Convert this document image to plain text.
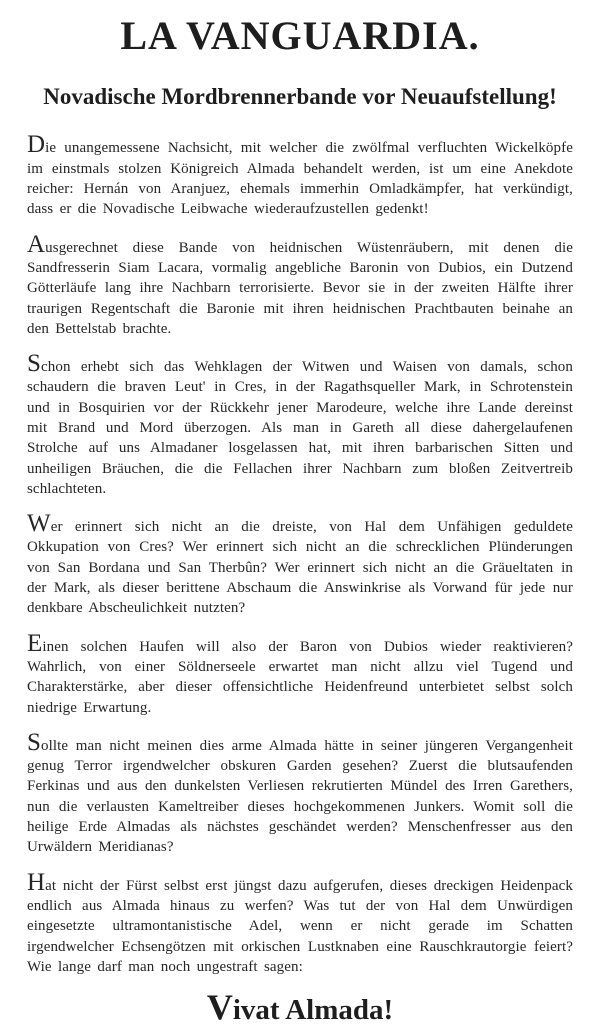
LA VANGUARDIA.
Novadische Mordbrennerbande vor Neuaufstellung!

Die unangemessene Nachsicht, mit welcher die zwölfmal verfluchten Wickelköpfe im einstmals stolzen Königreich Almada behandelt werden, ist um eine Anekdote reicher: Hernán von Aranjuez, ehemals immerhin Omladkämpfer, hat verkündigt, dass er die Novadische Leibwache wiederaufzustellen gedenkt!

Ausgerechnet diese Bande von heidnischen Wüstenräubern, mit denen die Sandfresserin Siam Lacara, vormalig angebliche Baronin von Dubios, ein Dutzend Götterläufe lang ihre Nachbarn terrorisierte. Bevor sie in der zweiten Hälfte ihrer traurigen Regentschaft die Baronie mit ihren heidnischen Prachtbauten beinahe an den Bettelstab brachte.

Schon erhebt sich das Wehklagen der Witwen und Waisen von damals, schon schaudern die braven Leut' in Cres, in der Ragathsqueller Mark, in Schrotenstein und in Bosquirien vor der Rückkehr jener Marodeure, welche ihre Lande dereinst mit Brand und Mord überzogen. Als man in Gareth all diese dahergelaufenen Strolche auf uns Almadaner losgelassen hat, mit ihren barbarischen Sitten und unheiligen Bräuchen, die die Fellachen ihrer Nachbarn zum bloßen Zeitvertreib schlachteten.

Wer erinnert sich nicht an die dreiste, von Hal dem Unfähigen geduldete Okkupation von Cres? Wer erinnert sich nicht an die schrecklichen Plünderungen von San Bordana und San Therbûn? Wer erinnert sich nicht an die Gräueltaten in der Mark, als dieser berittene Abschaum die Answinkrise als Vorwand für jede nur denkbare Abscheulichkeit nutzten?

Einen solchen Haufen will also der Baron von Dubios wieder reaktivieren? Wahrlich, von einer Söldnerseele erwartet man nicht allzu viel Tugend und Charakterstärke, aber dieser offensichtliche Heidenfreund unterbietet selbst solch niedrige Erwartung.

Sollte man nicht meinen dies arme Almada hätte in seiner jüngeren Vergangenheit genug Terror irgendwelcher obskuren Garden gesehen? Zuerst die blutsaufenden Ferkinas und aus den dunkelsten Verliesen rekrutierten Mündel des Irren Garethers, nun die verlausten Kameltreiber dieses hochgekommenen Junkers. Womit soll die heilige Erde Almadas als nächstes geschändet werden? Menschenfresser aus den Urwäldern Meridianas?

Hat nicht der Fürst selbst erst jüngst dazu aufgerufen, dieses dreckigen Heidenpack endlich aus Almada hinaus zu werfen? Was tut der von Hal dem Unwürdigen eingesetzte ultramontanistische Adel, wenn er nicht gerade im Schatten irgendwelcher Echsengötzen mit orkischen Lustknaben eine Rauschkrautorgie feiert? Wie lange darf man noch ungestraft sagen:

Vivat Almada!
